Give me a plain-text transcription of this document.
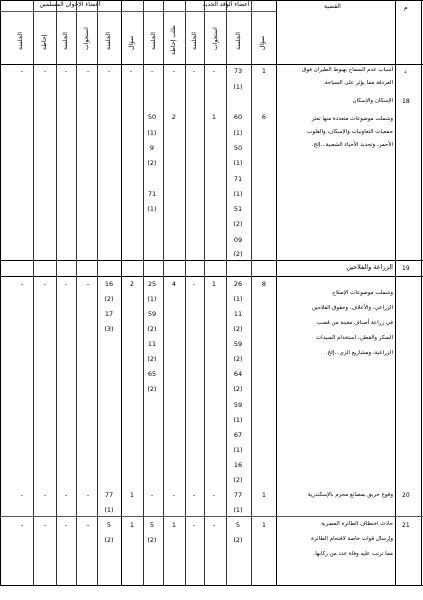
م
القضية
أعضاء الوفد الجديد
أعضاء الإخوان المسلمين
سؤال
الجلسة
استجواب
الجلسة
طلب إحاطة
الجلسة
سؤال
الجلسة
استجواب
الجلسة
إحاطة
الجلسة
د
18
أسباب عدم السماح بهبوط الطيران فوق
الغردقة مما يؤثر على السياحة.
الإسكان والإسكان
وشملت موضوعات متعددة منها تعثر
جمعيات التعاونيات والإسكان، والقلوب
الأحمر، وتجديد الأحياء الشعبية...إلخ.
1
73
(1)
6
60
(1)
50
(1)
71
(1)
51
(2)
09
(2)
1
2
50
(1)
9
(2)
71
(1)
-
-
-
-
-
-
-
-
-
-
19
الزراعة والفلاحين
وشملت موضوعات الإصلاح
الزراعي، والأعلاف، وحقوق الفلاحين
في زراعة أصناف معينة من قصب
السكر والقطن، استخدام المبيدات
الزراعية، ومشاريع الري...إلخ.
8
26
(1)
11
(2)
59
(2)
64
(2)
59
(1)
67
(1)
16
(2)
1
4
25
(1)
59
(2)
11
(2)
65
(2)
2
16
(2)
17
(3)
-
-
-
-
-
20
وقوع حريق بمصانع محرم بالإسكندرية
1
77
(1)
1
77
(1)
-
-
-
-
-
-
-
-
21
حادث اختطاف الطائرة المصرية
وإرسال قوات خاصة لاقتحام الطائرة
مما ترتب عليه وفاة عدد من ركابها.
1
5
(2)
1
5
(2)
1
5
(2)
-
-
-
-
-
-
